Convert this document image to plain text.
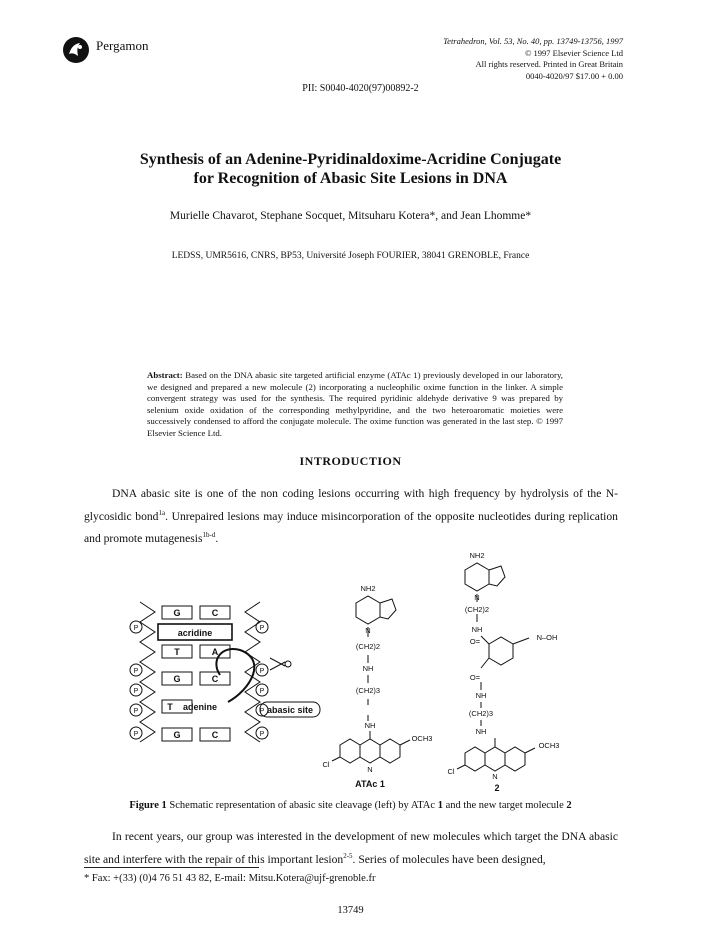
Pergamon	Tetrahedron, Vol. 53, No. 40, pp. 13749-13756, 1997
© 1997 Elsevier Science Ltd
All rights reserved. Printed in Great Britain
0040-4020/97 $17.00 + 0.00
PII: S0040-4020(97)00892-2
Synthesis of an Adenine-Pyridinaldoxime-Acridine Conjugate
for Recognition of Abasic Site Lesions in DNA
Murielle Chavarot, Stephane Socquet, Mitsuharu Kotera*, and Jean Lhomme*
LEDSS, UMR5616, CNRS, BP53, Université Joseph FOURIER, 38041 GRENOBLE, France
Abstract: Based on the DNA abasic site targeted artificial enzyme (ATAc 1) previously developed in our laboratory, we designed and prepared a new molecule (2) incorporating a nucleophilic oxime function in the linker. A simple convergent strategy was used for the synthesis. The required pyridinic aldehyde derivative 9 was prepared by selenium oxide oxidation of the corresponding methylpyridine, and the two heteroaromatic moieties were successively condensed to afford the conjugate molecule. The oxime function was generated in the last step. © 1997 Elsevier Science Ltd.
INTRODUCTION
DNA abasic site is one of the non coding lesions occurring with high frequency by hydrolysis of the N-glycosidic bond$^{1a}$. Unrepaired lesions may induce misincorporation of the opposite nucleotides during replication and promote mutagenesis$^{1b-d}$.
G	C
acridine
T	A
G	C
T adenine	abasic site
G	C
P	P
P	P
P	P
P	P
P	P
NH2
N
(CH2)2
NH
(CH2)3
NH
OCH3
Cl
N
ATAc 1
NH2
N
(CH2)2
NH
O=	N–OH
O=
NH
(CH2)3
NH
OCH3
Cl
N
2
Figure 1 Schematic representation of abasic site cleavage (left) by ATAc 1 and the new target molecule 2
In recent years, our group was interested in the development of new molecules which target the DNA abasic site and interfere with the repair of this important lesion$^{2-5}$. Series of molecules have been designed,
* Fax: +(33) (0)4 76 51 43 82, E-mail: Mitsu.Kotera@ujf-grenoble.fr
13749
